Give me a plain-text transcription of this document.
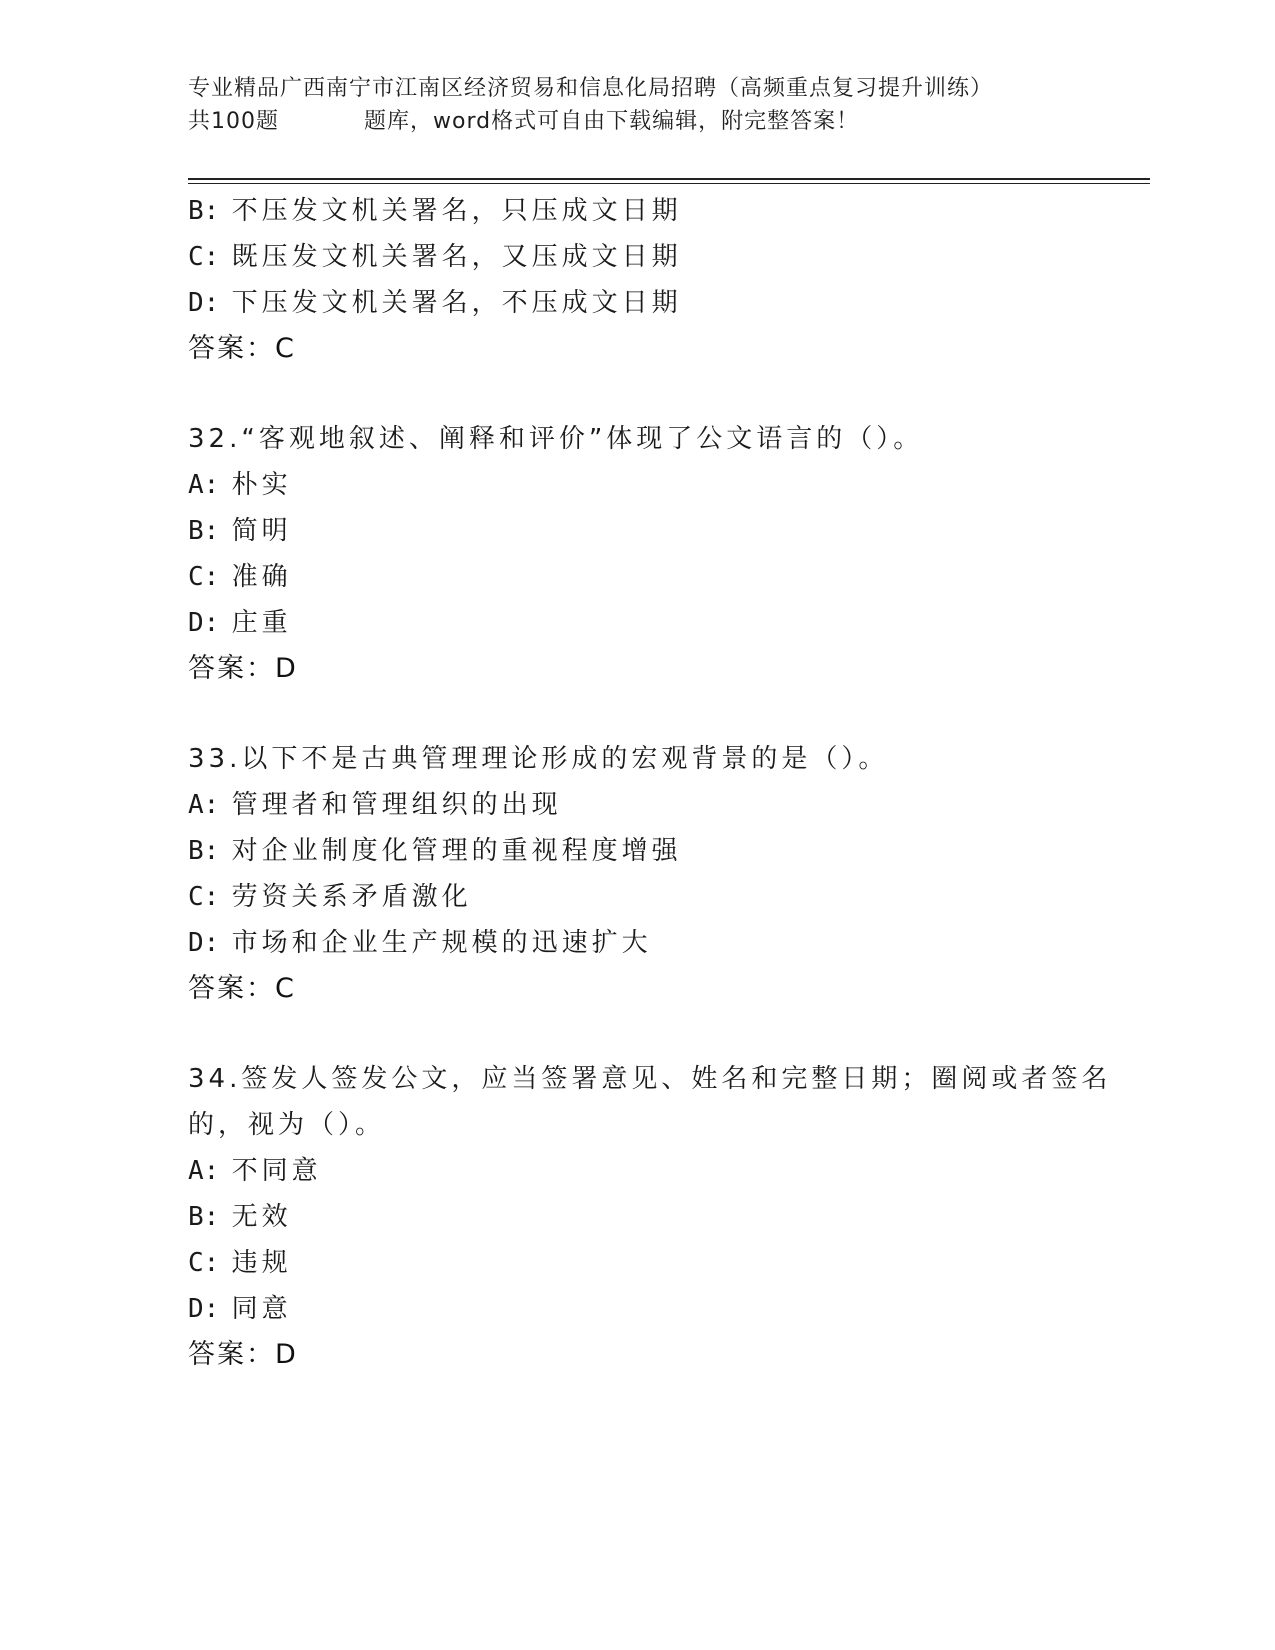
专业精品广西南宁市江南区经济贸易和信息化局招聘（高频重点复习提升训练）
共100题	题库，word格式可自由下载编辑，附完整答案！
B: 不压发文机关署名，只压成文日期
C: 既压发文机关署名，又压成文日期
D: 下压发文机关署名，不压成文日期
答案：C
32.“客观地叙述、阐释和评价”体现了公文语言的（）。
A: 朴实
B: 简明
C: 准确
D: 庄重
答案：D
33.以下不是古典管理理论形成的宏观背景的是（）。
A: 管理者和管理组织的出现
B: 对企业制度化管理的重视程度增强
C: 劳资关系矛盾激化
D: 市场和企业生产规模的迅速扩大
答案：C
34.签发人签发公文，应当签署意见、姓名和完整日期；圈阅或者签名
的，视为（）。
A: 不同意
B: 无效
C: 违规
D: 同意
答案：D
